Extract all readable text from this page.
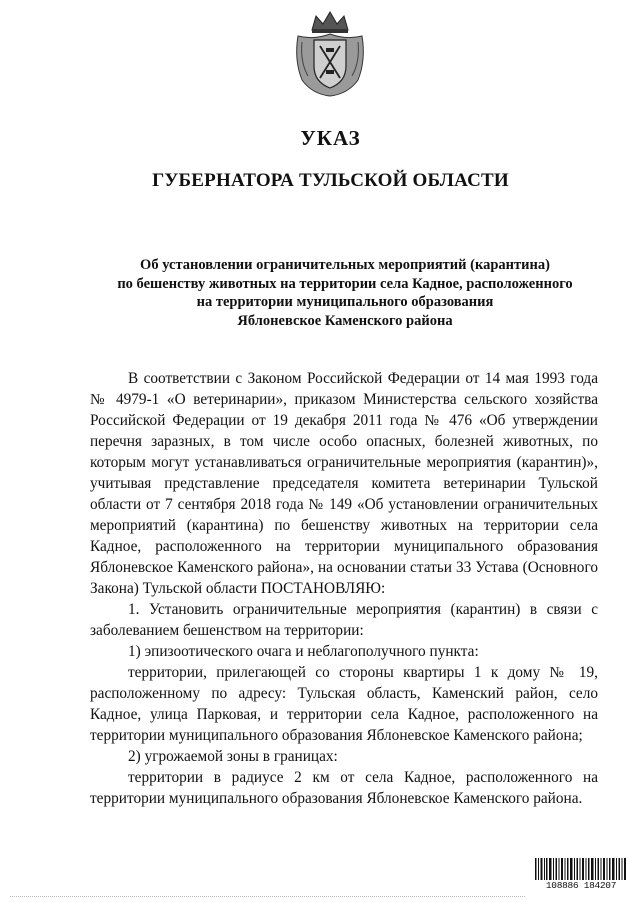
УКАЗ
ГУБЕРНАТОРА ТУЛЬСКОЙ ОБЛАСТИ

Об установлении ограничительных мероприятий (карантина)
по бешенству животных на территории села Кадное, расположенного
на территории муниципального образования
Яблоневское Каменского района

В соответствии с Законом Российской Федерации от 14 мая 1993 года № 4979-1 «О ветеринарии», приказом Министерства сельского хозяйства Российской Федерации от 19 декабря 2011 года № 476 «Об утверждении перечня заразных, в том числе особо опасных, болезней животных, по которым могут устанавливаться ограничительные мероприятия (карантин)», учитывая представление председателя комитета ветеринарии Тульской области от 7 сентября 2018 года № 149 «Об установлении ограничительных мероприятий (карантина) по бешенству животных на территории села Кадное, расположенного на территории муниципального образования Яблоневское Каменского района», на основании статьи 33 Устава (Основного Закона) Тульской области ПОСТАНОВЛЯЮ:

1. Установить ограничительные мероприятия (карантин) в связи с заболеванием бешенством на территории:

1) эпизоотического очага и неблагополучного пункта:

территории, прилегающей со стороны квартиры 1 к дому № 19, расположенному по адресу: Тульская область, Каменский район, село Кадное, улица Парковая, и территории села Кадное, расположенного на территории муниципального образования Яблоневское Каменского района;

2) угрожаемой зоны в границах:

территории в радиусе 2 км от села Кадное, расположенного на территории муниципального образования Яблоневское Каменского района.

108886 184207
